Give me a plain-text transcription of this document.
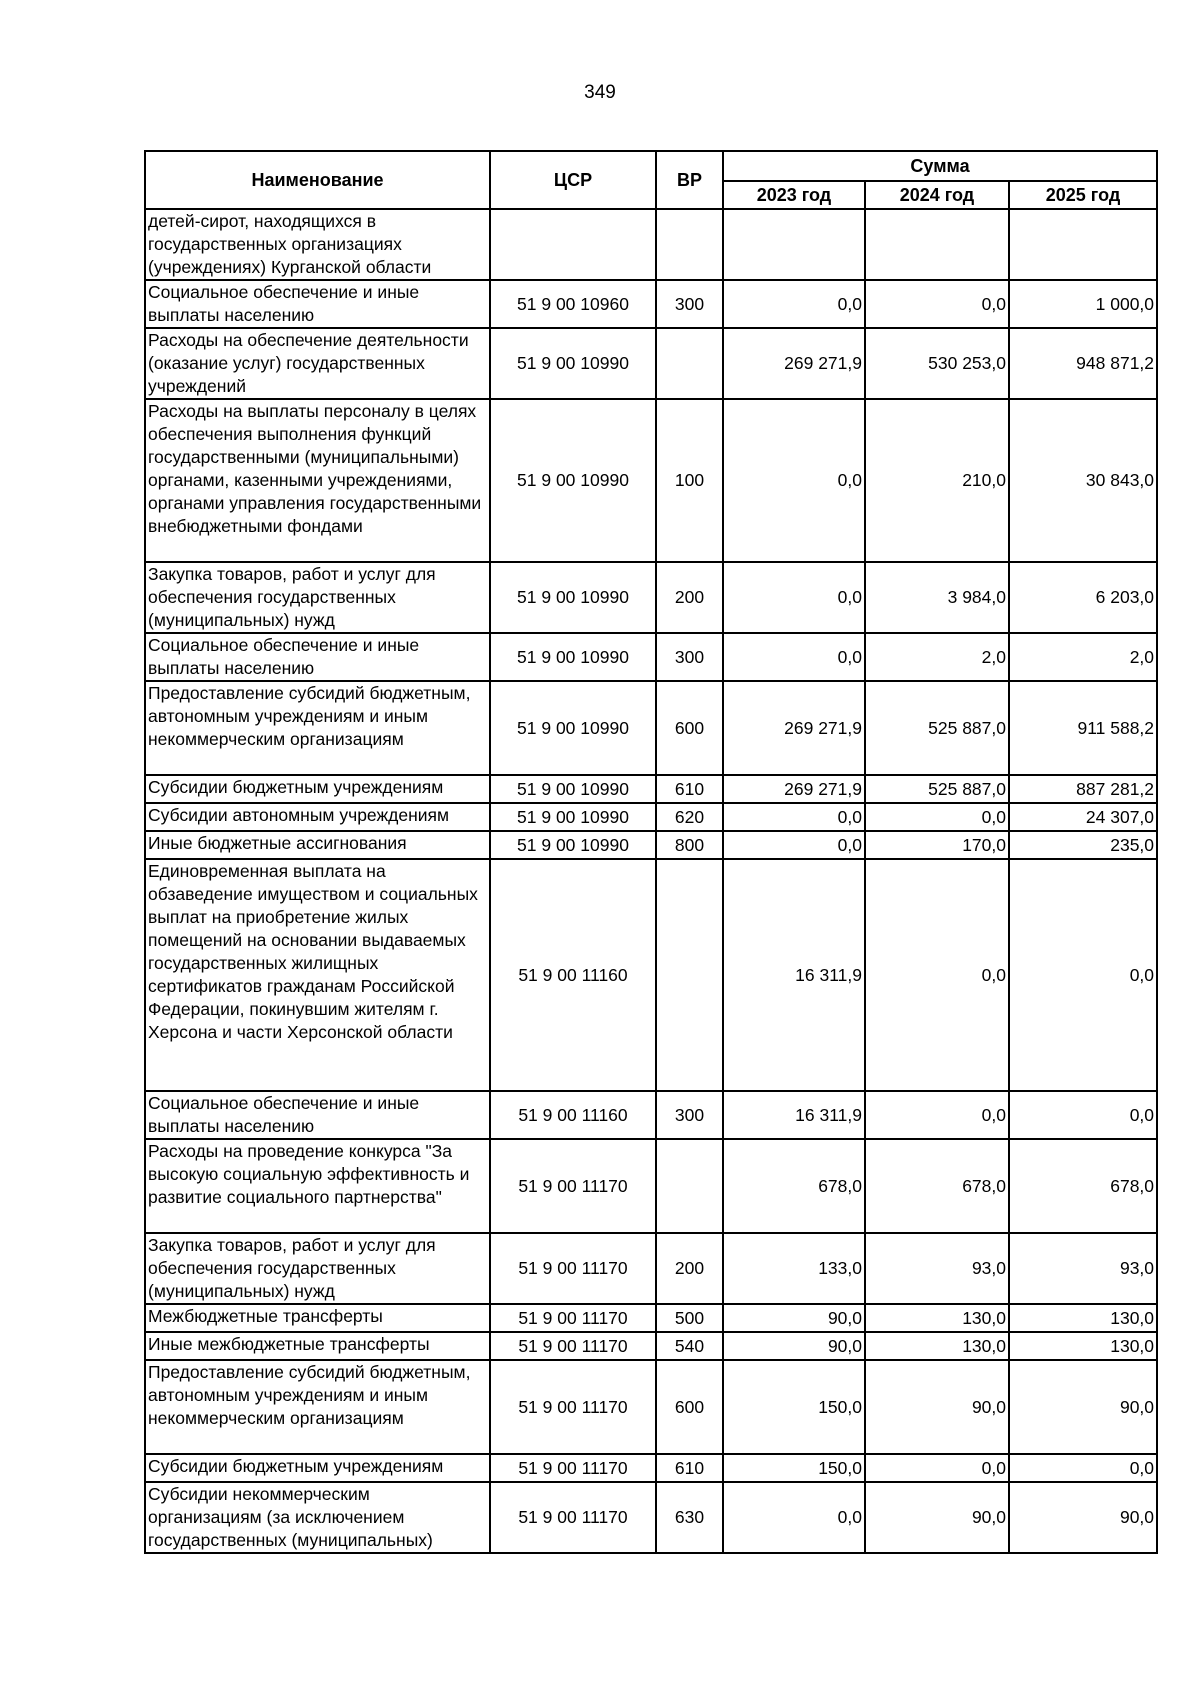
349
Наименование	ЦСР	ВР	Сумма		
			2023 год	2024 год	2025 год
детей-сирот, находящихся в государственных организациях (учреждениях) Курганской области					
Социальное обеспечение и иные выплаты населению	51 9 00 10960	300	0,0	0,0	1 000,0
Расходы на обеспечение деятельности (оказание услуг) государственных учреждений	51 9 00 10990		269 271,9	530 253,0	948 871,2
Расходы на выплаты персоналу в целях обеспечения выполнения функций государственными (муниципальными) органами, казенными учреждениями, органами управления государственными внебюджетными фондами	51 9 00 10990	100	0,0	210,0	30 843,0
Закупка товаров, работ и услуг для обеспечения государственных (муниципальных) нужд	51 9 00 10990	200	0,0	3 984,0	6 203,0
Социальное обеспечение и иные выплаты населению	51 9 00 10990	300	0,0	2,0	2,0
Предоставление субсидий бюджетным, автономным учреждениям и иным некоммерческим организациям	51 9 00 10990	600	269 271,9	525 887,0	911 588,2
Субсидии бюджетным учреждениям	51 9 00 10990	610	269 271,9	525 887,0	887 281,2
Субсидии автономным учреждениям	51 9 00 10990	620	0,0	0,0	24 307,0
Иные бюджетные ассигнования	51 9 00 10990	800	0,0	170,0	235,0
Единовременная выплата на обзаведение имуществом и социальных выплат на приобретение жилых помещений на основании выдаваемых государственных жилищных сертификатов гражданам Российской Федерации, покинувшим жителям г. Херсона и части Херсонской области	51 9 00 11160		16 311,9	0,0	0,0
Социальное обеспечение и иные выплаты населению	51 9 00 11160	300	16 311,9	0,0	0,0
Расходы на проведение конкурса "За высокую социальную эффективность и развитие социального партнерства"	51 9 00 11170		678,0	678,0	678,0
Закупка товаров, работ и услуг для обеспечения государственных (муниципальных) нужд	51 9 00 11170	200	133,0	93,0	93,0
Межбюджетные трансферты	51 9 00 11170	500	90,0	130,0	130,0
Иные межбюджетные трансферты	51 9 00 11170	540	90,0	130,0	130,0
Предоставление субсидий бюджетным, автономным учреждениям и иным некоммерческим организациям	51 9 00 11170	600	150,0	90,0	90,0
Субсидии бюджетным учреждениям	51 9 00 11170	610	150,0	0,0	0,0
Субсидии некоммерческим организациям (за исключением государственных (муниципальных)	51 9 00 11170	630	0,0	90,0	90,0
